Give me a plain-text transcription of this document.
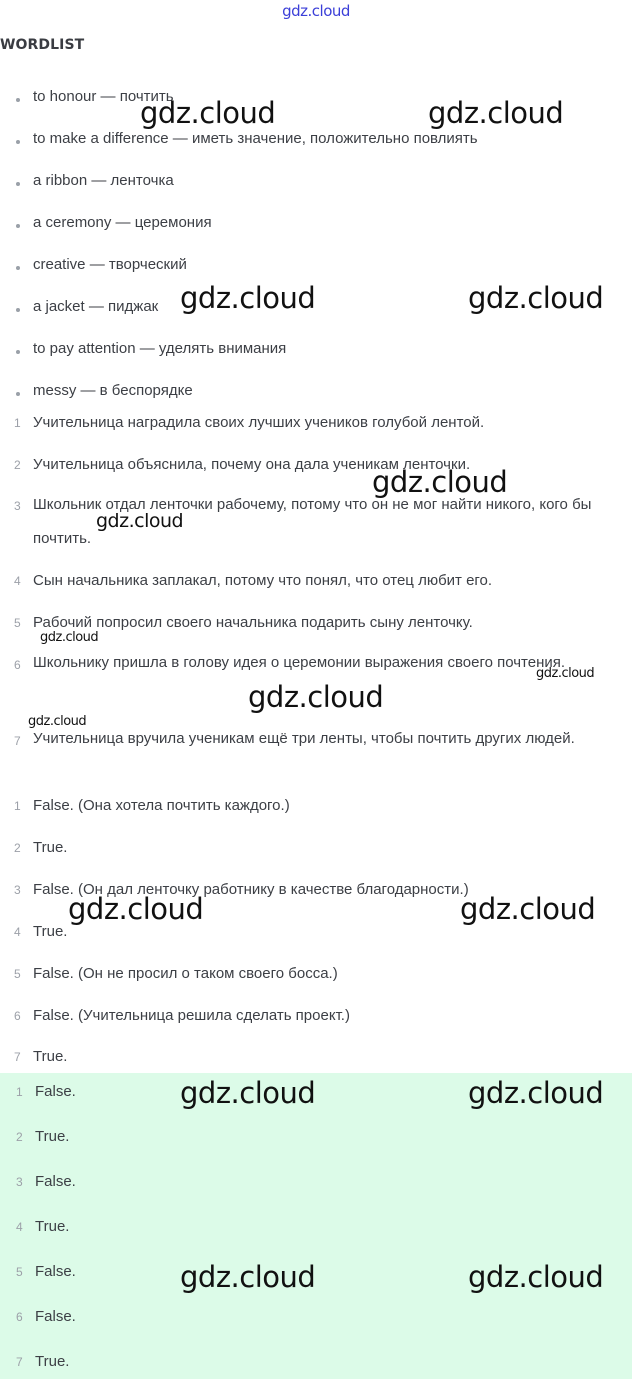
gdz.cloud
WORDLIST
to honour — почтить
to make a difference — иметь значение, положительно повлиять
a ribbon — ленточка
a ceremony — церемония
creative — творческий
a jacket — пиджак
to pay attention — уделять внимания
messy — в беспорядке
1 Учительница наградила своих лучших учеников голубой лентой.
2 Учительница объяснила, почему она дала ученикам ленточки.
3 Школьник отдал ленточки рабочему, потому что он не мог найти никого, кого бы почтить.
4 Сын начальника заплакал, потому что понял, что отец любит его.
5 Рабочий попросил своего начальника подарить сыну ленточку.
6 Школьнику пришла в голову идея о церемонии выражения своего почтения.
7 Учительница вручила ученикам ещё три ленты, чтобы почтить других людей.
1 False. (Она хотела почтить каждого.)
2 True.
3 False. (Он дал ленточку работнику в качестве благодарности.)
4 True.
5 False. (Он не просил о таком своего босса.)
6 False. (Учительница решила сделать проект.)
7 True.
1 False.
2 True.
3 False.
4 True.
5 False.
6 False.
7 True.
gdz.cloud	gdz.cloud
gdz.cloud	gdz.cloud
gdz.cloud
gdz.cloud
gdz.cloud
gdz.cloud
gdz.cloud
gdz.cloud
gdz.cloud	gdz.cloud
gdz.cloud	gdz.cloud
gdz.cloud	gdz.cloud
